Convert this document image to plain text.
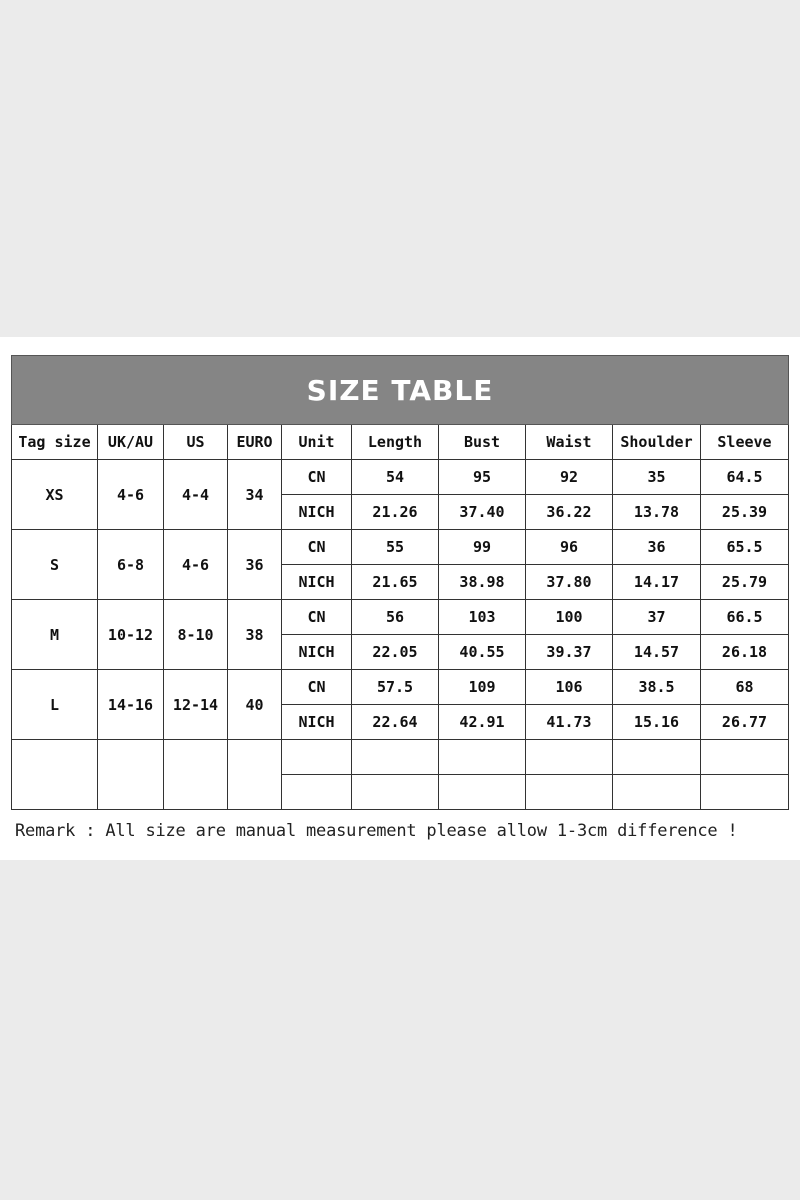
SIZE TABLE									
Tag size	UK/AU	US	EURO	Unit	Length	Bust	Waist	Shoulder	Sleeve
XS	4-6	4-4	34	CN	54	95	92	35	64.5
				NICH	21.26	37.40	36.22	13.78	25.39
S	6-8	4-6	36	CN	55	99	96	36	65.5
				NICH	21.65	38.98	37.80	14.17	25.79
M	10-12	8-10	38	CN	56	103	100	37	66.5
				NICH	22.05	40.55	39.37	14.57	26.18
L	14-16	12-14	40	CN	57.5	109	106	38.5	68
				NICH	22.64	42.91	41.73	15.16	26.77

Remark : All size are manual measurement please allow 1-3cm difference !
